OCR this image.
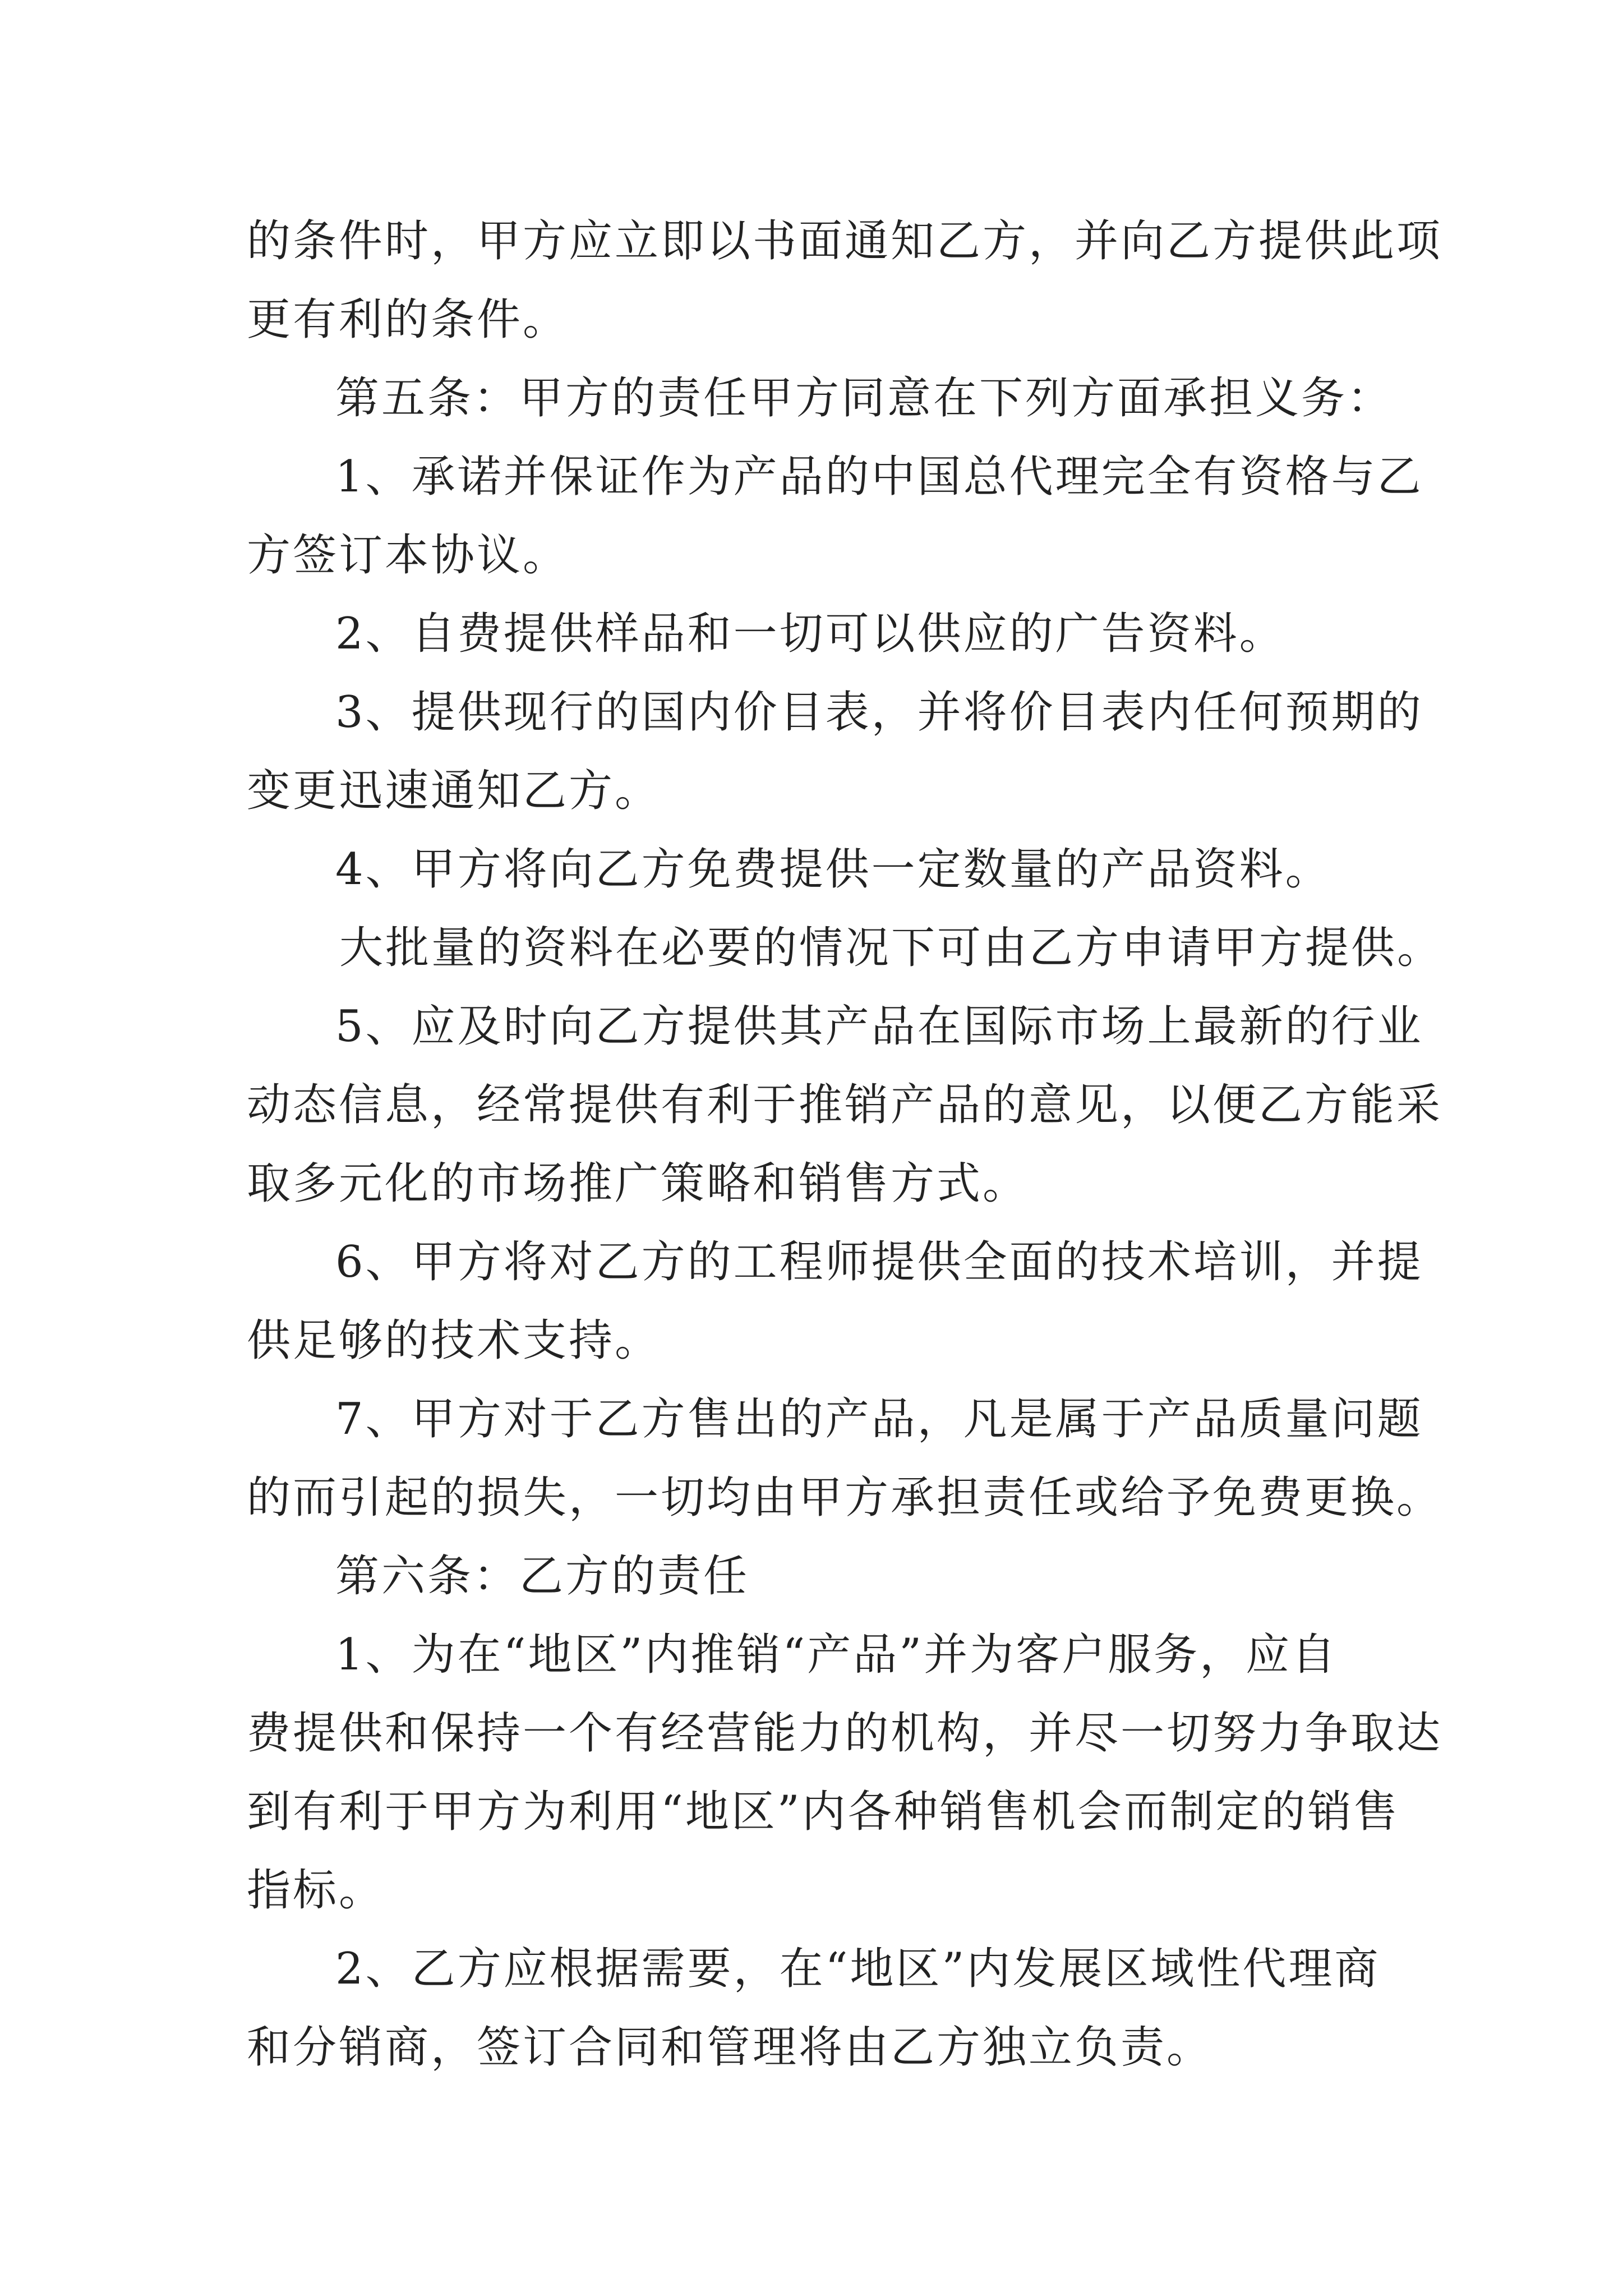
的条件时，甲方应立即以书面通知乙方，并向乙方提供此项
更有利的条件。
第五条：甲方的责任甲方同意在下列方面承担义务：
1、承诺并保证作为产品的中国总代理完全有资格与乙
方签订本协议。
2、自费提供样品和一切可以供应的广告资料。
3、提供现行的国内价目表，并将价目表内任何预期的
变更迅速通知乙方。
4、甲方将向乙方免费提供一定数量的产品资料。
大批量的资料在必要的情况下可由乙方申请甲方提供。
5、应及时向乙方提供其产品在国际市场上最新的行业
动态信息，经常提供有利于推销产品的意见，以便乙方能采
取多元化的市场推广策略和销售方式。
6、甲方将对乙方的工程师提供全面的技术培训，并提
供足够的技术支持。
7、甲方对于乙方售出的产品，凡是属于产品质量问题
的而引起的损失，一切均由甲方承担责任或给予免费更换。
第六条：乙方的责任
1、为在“地区”内推销“产品”并为客户服务，应自
费提供和保持一个有经营能力的机构，并尽一切努力争取达
到有利于甲方为利用“地区”内各种销售机会而制定的销售
指标。
2、乙方应根据需要，在“地区”内发展区域性代理商
和分销商，签订合同和管理将由乙方独立负责。
